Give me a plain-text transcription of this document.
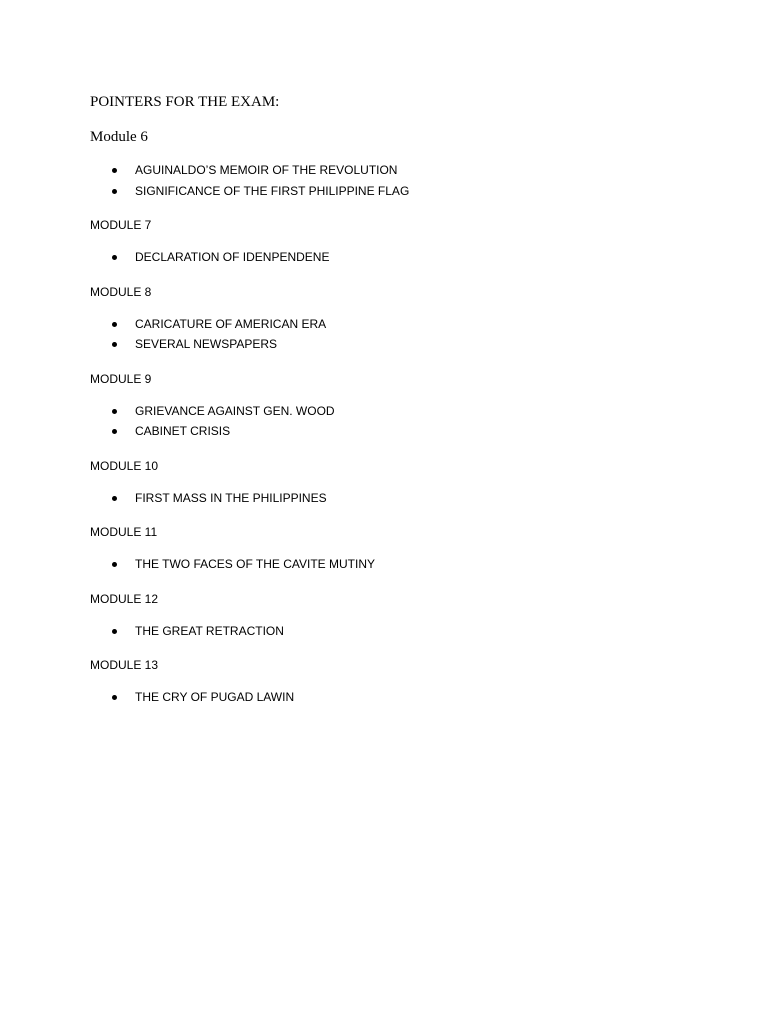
POINTERS FOR THE EXAM:
Module 6
AGUINALDO’S MEMOIR OF THE REVOLUTION
SIGNIFICANCE OF THE FIRST PHILIPPINE FLAG
MODULE 7
DECLARATION OF IDENPENDENE
MODULE 8
CARICATURE OF AMERICAN ERA
SEVERAL NEWSPAPERS
MODULE 9
GRIEVANCE AGAINST GEN. WOOD
CABINET CRISIS
MODULE 10
FIRST MASS IN THE PHILIPPINES
MODULE 11
THE TWO FACES OF THE CAVITE MUTINY
MODULE 12
THE GREAT RETRACTION
MODULE 13
THE CRY OF PUGAD LAWIN
